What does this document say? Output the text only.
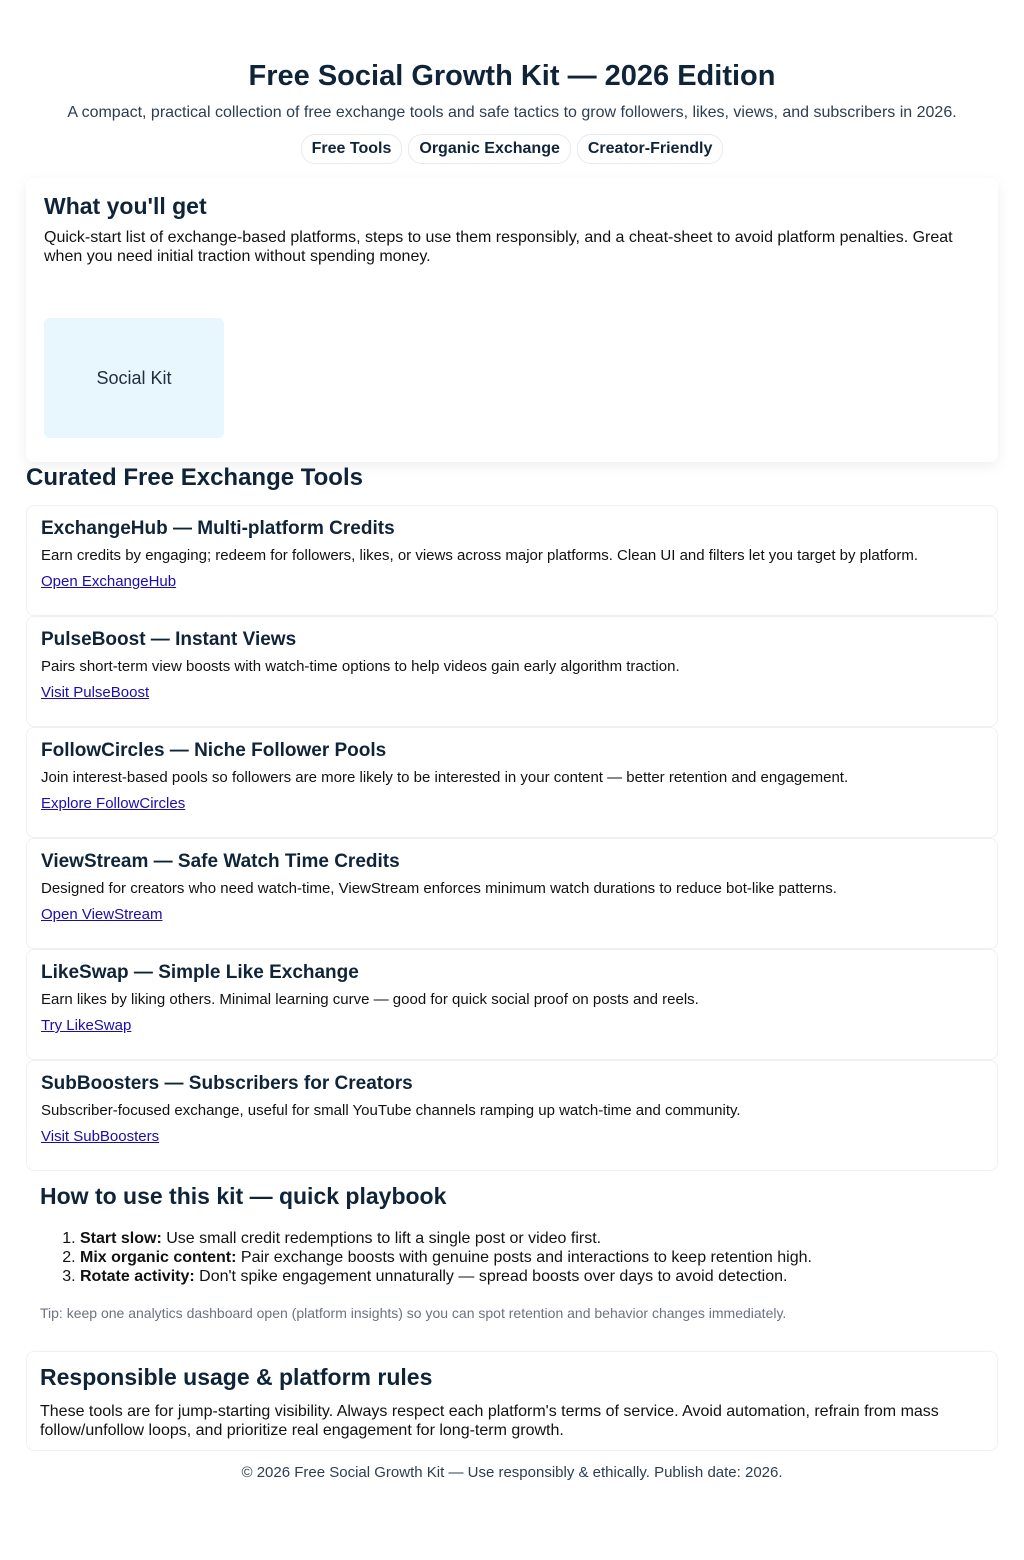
Free Social Growth Kit — 2026 Edition

A compact, practical collection of free exchange tools and safe tactics to grow followers, likes, views, and subscribers in 2026.

Free Tools	Organic Exchange	Creator-Friendly
What you'll get

Quick-start list of exchange-based platforms, steps to use them responsibly, and a cheat-sheet to avoid platform penalties. Great when you need initial traction without spending money.

Social Kit
Curated Free Exchange Tools
ExchangeHub — Multi-platform Credits

Earn credits by engaging; redeem for followers, likes, or views across major platforms. Clean UI and filters let you target by platform.

Open ExchangeHub
PulseBoost — Instant Views

Pairs short-term view boosts with watch-time options to help videos gain early algorithm traction.

Visit PulseBoost
FollowCircles — Niche Follower Pools

Join interest-based pools so followers are more likely to be interested in your content — better retention and engagement.

Explore FollowCircles
ViewStream — Safe Watch Time Credits

Designed for creators who need watch-time, ViewStream enforces minimum watch durations to reduce bot-like patterns.

Open ViewStream
LikeSwap — Simple Like Exchange

Earn likes by liking others. Minimal learning curve — good for quick social proof on posts and reels.

Try LikeSwap
SubBoosters — Subscribers for Creators

Subscriber-focused exchange, useful for small YouTube channels ramping up watch-time and community.

Visit SubBoosters
How to use this kit — quick playbook
1. Start slow: Use small credit redemptions to lift a single post or video first.
2. Mix organic content: Pair exchange boosts with genuine posts and interactions to keep retention high.
3. Rotate activity: Don't spike engagement unnaturally — spread boosts over days to avoid detection.

Tip: keep one analytics dashboard open (platform insights) so you can spot retention and behavior changes immediately.

Responsible usage & platform rules

These tools are for jump-starting visibility. Always respect each platform's terms of service. Avoid automation, refrain from mass follow/unfollow loops, and prioritize real engagement for long-term growth.

© 2026 Free Social Growth Kit — Use responsibly & ethically. Publish date: 2026.
